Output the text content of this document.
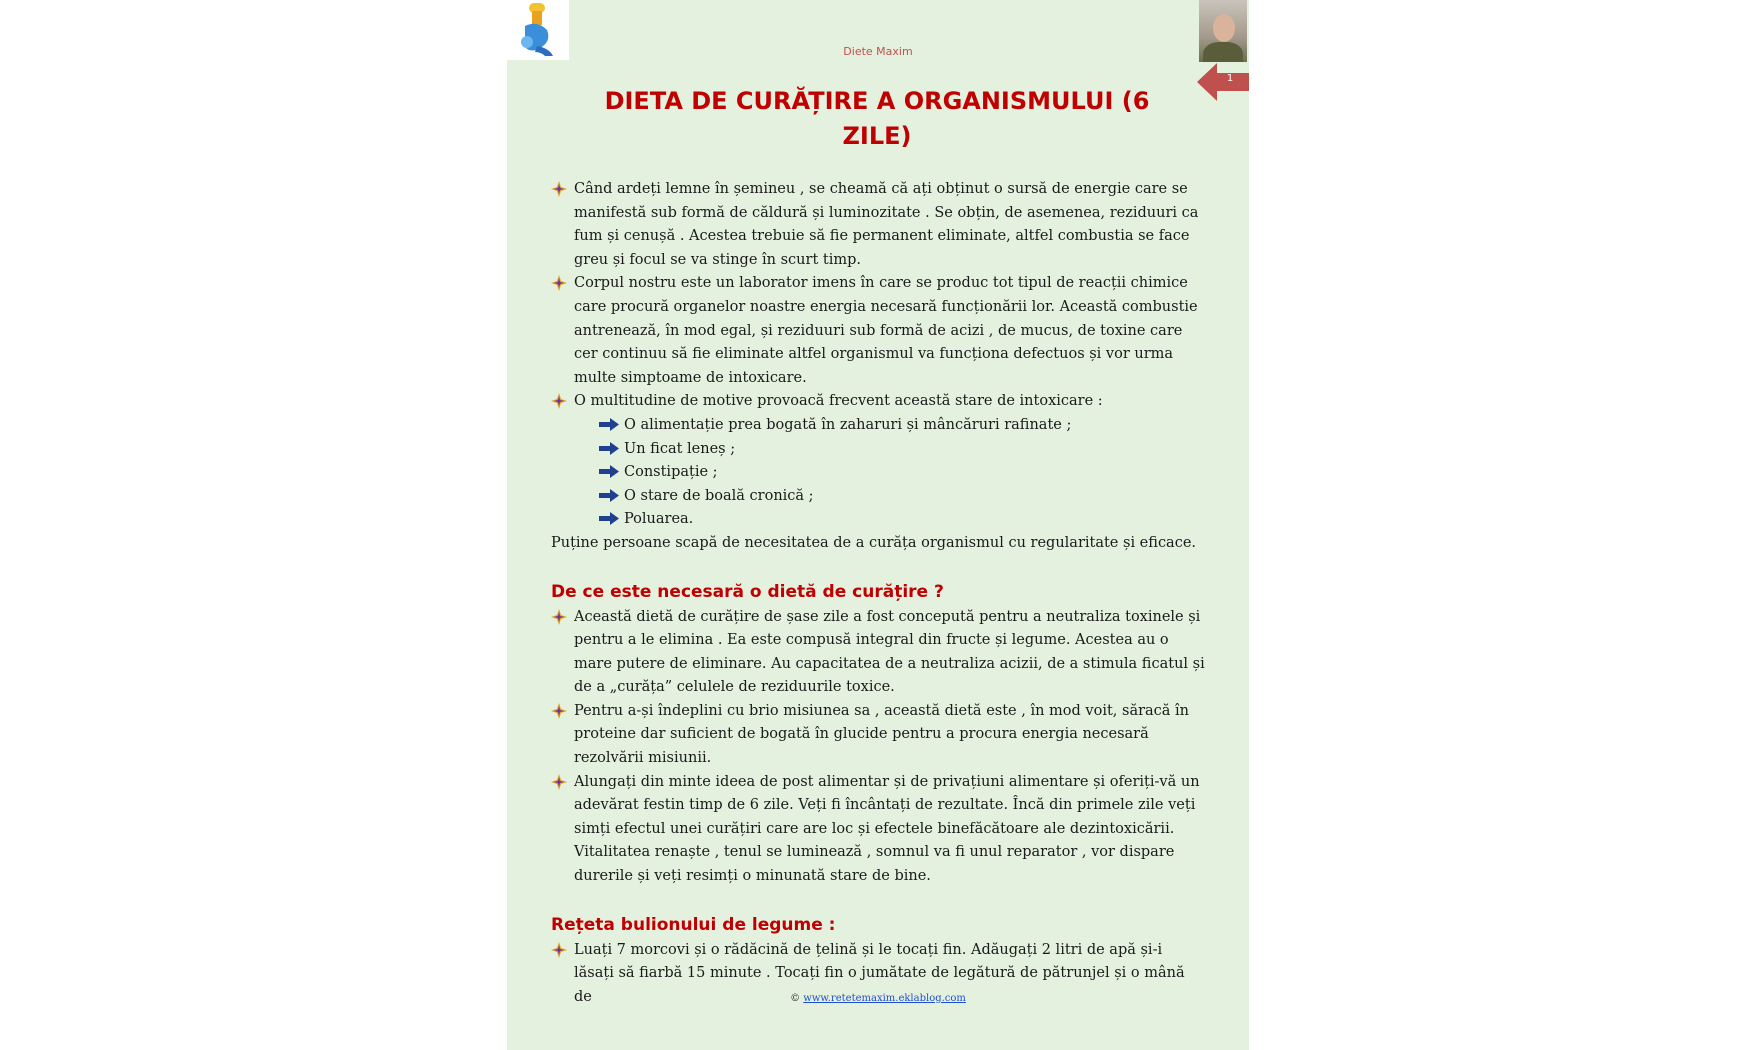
Diete Maxim
1
DIETA DE CURĂȚIRE A ORGANISMULUI (6 ZILE)
Când ardeți lemne în șemineu , se cheamă că ați obținut o sursă de energie care se manifestă sub formă de căldură și luminozitate . Se obțin, de asemenea, reziduuri ca fum și cenușă . Acestea trebuie să fie permanent eliminate, altfel combustia se face greu și focul se va stinge în scurt timp.
Corpul nostru este un laborator imens în care se produc tot tipul de reacții chimice care procură organelor noastre energia necesară funcționării lor. Această combustie antrenează, în mod egal, și reziduuri sub formă de acizi , de mucus, de toxine care cer continuu să fie eliminate altfel organismul va funcționa defectuos și vor urma multe simptoame de intoxicare.
O multitudine de motive provoacă frecvent această stare de intoxicare :
O alimentație prea bogată în zaharuri și mâncăruri rafinate ;
Un ficat leneș ;
Constipație ;
O stare de boală cronică ;
Poluarea.

Puține persoane scapă de necesitatea de a curăța organismul cu regularitate și eficace.

De ce este necesară o dietă de curățire ?
Această dietă de curățire de șase zile a fost concepută pentru a neutraliza toxinele și pentru a le elimina . Ea este compusă integral din fructe și legume. Acestea au o mare putere de eliminare. Au capacitatea de a neutraliza acizii, de a stimula ficatul și de a „curăța” celulele de reziduurile toxice.
Pentru a-și îndeplini cu brio misiunea sa , această dietă este , în mod voit, săracă în proteine dar suficient de bogată în glucide pentru a procura energia necesară rezolvării misiunii.
Alungați din minte ideea de post alimentar și de privațiuni alimentare și oferiți-vă un adevărat festin timp de 6 zile. Veți fi încântați de rezultate. Încă din primele zile veți simți efectul unei curățiri care are loc și efectele binefăcătoare ale dezintoxicării. Vitalitatea renaște , tenul se luminează , somnul va fi unul reparator , vor dispare durerile și veți resimți o minunată stare de bine.
Rețeta bulionului de legume :
Luați 7 morcovi și o rădăcină de țelină și le tocați fin. Adăugați 2 litri de apă și-i lăsați să fiarbă 15 minute . Tocați fin o jumătate de legătură de pătrunjel și o mână de	© www.retetemaxim.eklablog.com
